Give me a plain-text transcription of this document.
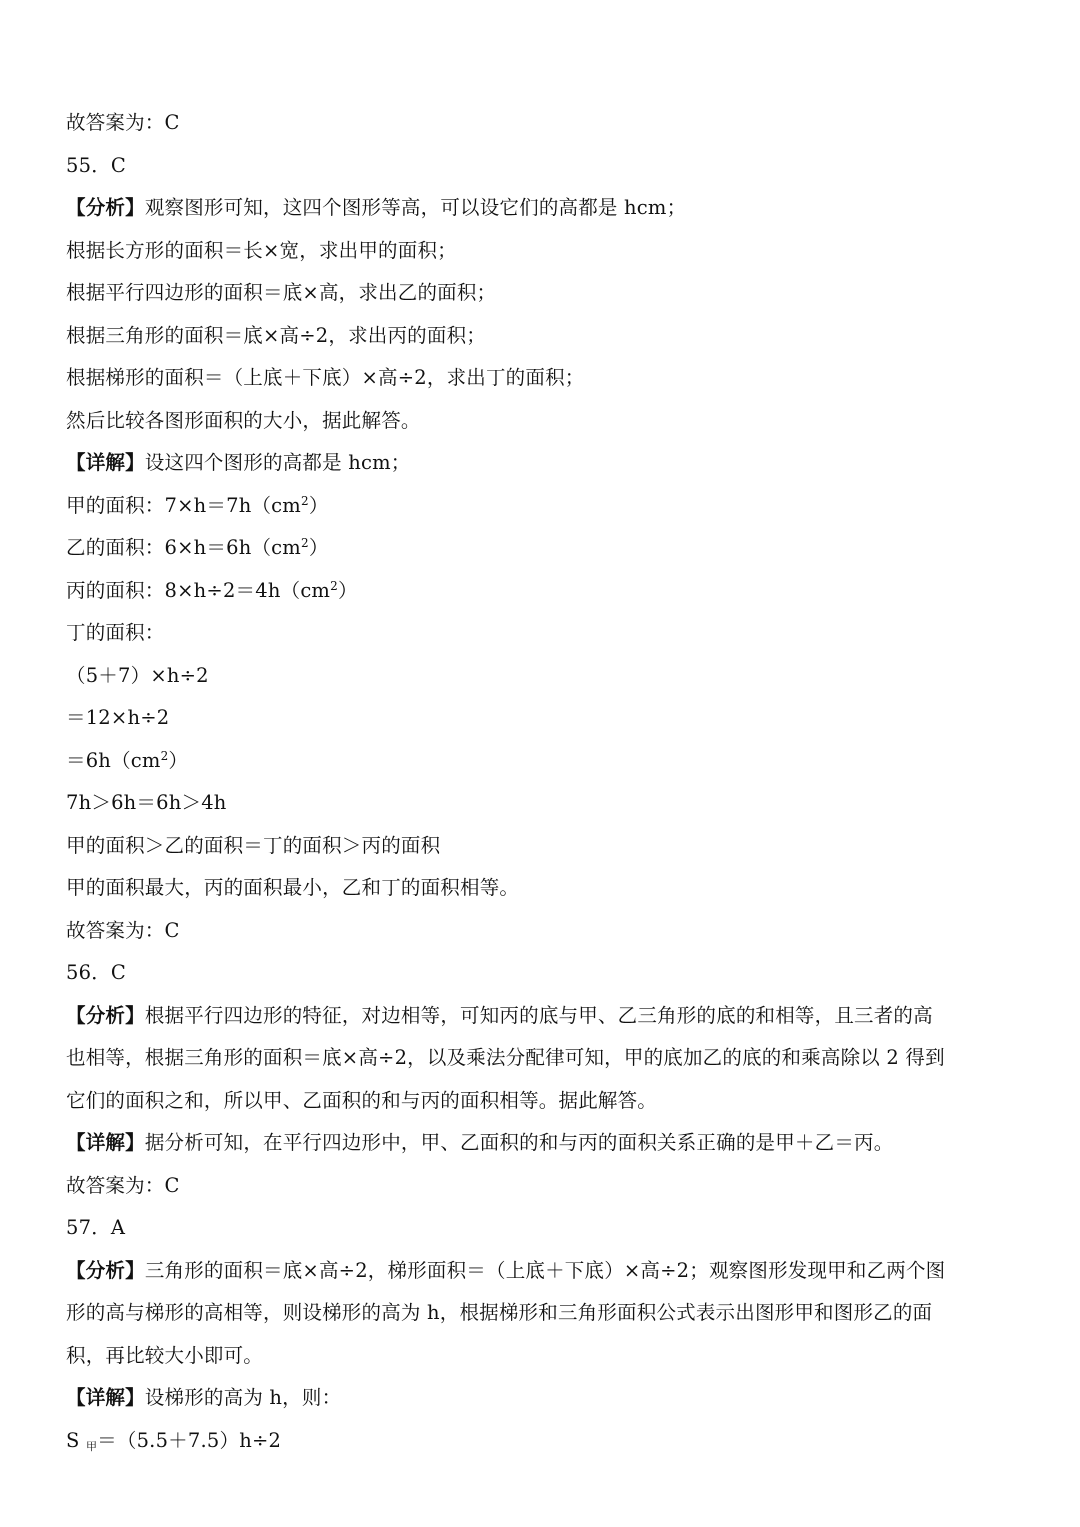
故答案为：C
55．C
【分析】观察图形可知，这四个图形等高，可以设它们的高都是 hcm；
根据长方形的面积＝长×宽，求出甲的面积；
根据平行四边形的面积＝底×高，求出乙的面积；
根据三角形的面积＝底×高÷2，求出丙的面积；
根据梯形的面积＝（上底＋下底）×高÷2，求出丁的面积；
然后比较各图形面积的大小，据此解答。
【详解】设这四个图形的高都是 hcm；
甲的面积：$7\times h=7h(cm^2)$
乙的面积：$6\times h=6h(cm^2)$
丙的面积：$8\times h\div 2=4h(cm^2)$
丁的面积：
（5＋7）×h÷2
＝12×h÷2
$=6h(cm^2)$
7h＞6h＝6h＞4h
甲的面积＞乙的面积＝丁的面积＞丙的面积
甲的面积最大，丙的面积最小，乙和丁的面积相等。
故答案为：C
56．C
【分析】根据平行四边形的特征，对边相等，可知丙的底与甲、乙三角形的底的和相等，且三者的高
也相等，根据三角形的面积＝底×高÷2，以及乘法分配律可知，甲的底加乙的底的和乘高除以 2 得到
它们的面积之和，所以甲、乙面积的和与丙的面积相等。据此解答。
【详解】据分析可知，在平行四边形中，甲、乙面积的和与丙的面积关系正确的是甲＋乙＝丙。
故答案为：C
57．A
【分析】三角形的面积＝底×高÷2，梯形面积＝（上底＋下底）×高÷2；观察图形发现甲和乙两个图
形的高与梯形的高相等，则设梯形的高为 h，根据梯形和三角形面积公式表示出图形甲和图形乙的面
积，再比较大小即可。
【详解】设梯形的高为 h，则：
S $_甲$＝（5.5＋7.5）h÷2
